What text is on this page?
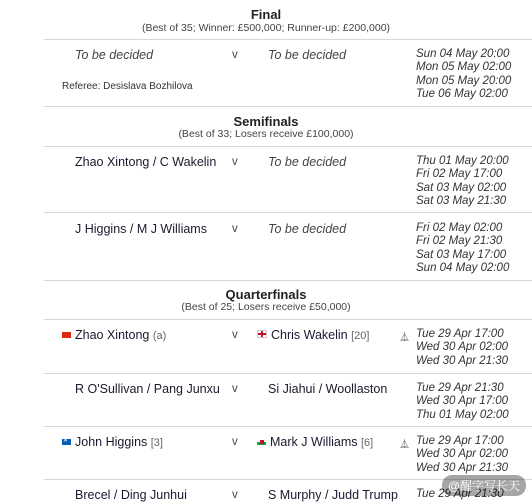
Final
(Best of 35; Winner: £500,000; Runner-up: £200,000)
To be decided	v To be decided	Sun 04 May 20:00
Mon 05 May 02:00
Mon 05 May 20:00
Tue 06 May 02:00
Referee: Desislava Bozhilova
Semifinals
(Best of 33; Losers receive £100,000)
Zhao Xintong / C Wakelin v To be decided	Thu 01 May 20:00
Fri 02 May 17:00
Sat 03 May 02:00
Sat 03 May 21:30
J Higgins / M J Williams v To be decided	Fri 02 May 02:00
Fri 02 May 21:30
Sat 03 May 17:00
Sun 04 May 02:00
Quarterfinals
(Best of 25; Losers receive £50,000)
Zhao Xintong (a)	v	Chris Wakelin [20]	⏅ Tue 29 Apr 17:00
Wed 30 Apr 02:00
Wed 30 Apr 21:30
R O'Sullivan / Pang Junxu v Si Jiahui / Woollaston Tue 29 Apr 21:30
Wed 30 Apr 17:00
Thu 01 May 02:00
✕John Higgins [3]	v	Mark J Williams [6]	⏅ Tue 29 Apr 17:00
Wed 30 Apr 02:00
Wed 30 Apr 21:30
Brecel / Ding Junhui	v S Murphy / Judd Trump Tue 29 Apr 21:30
@醒字写长天
